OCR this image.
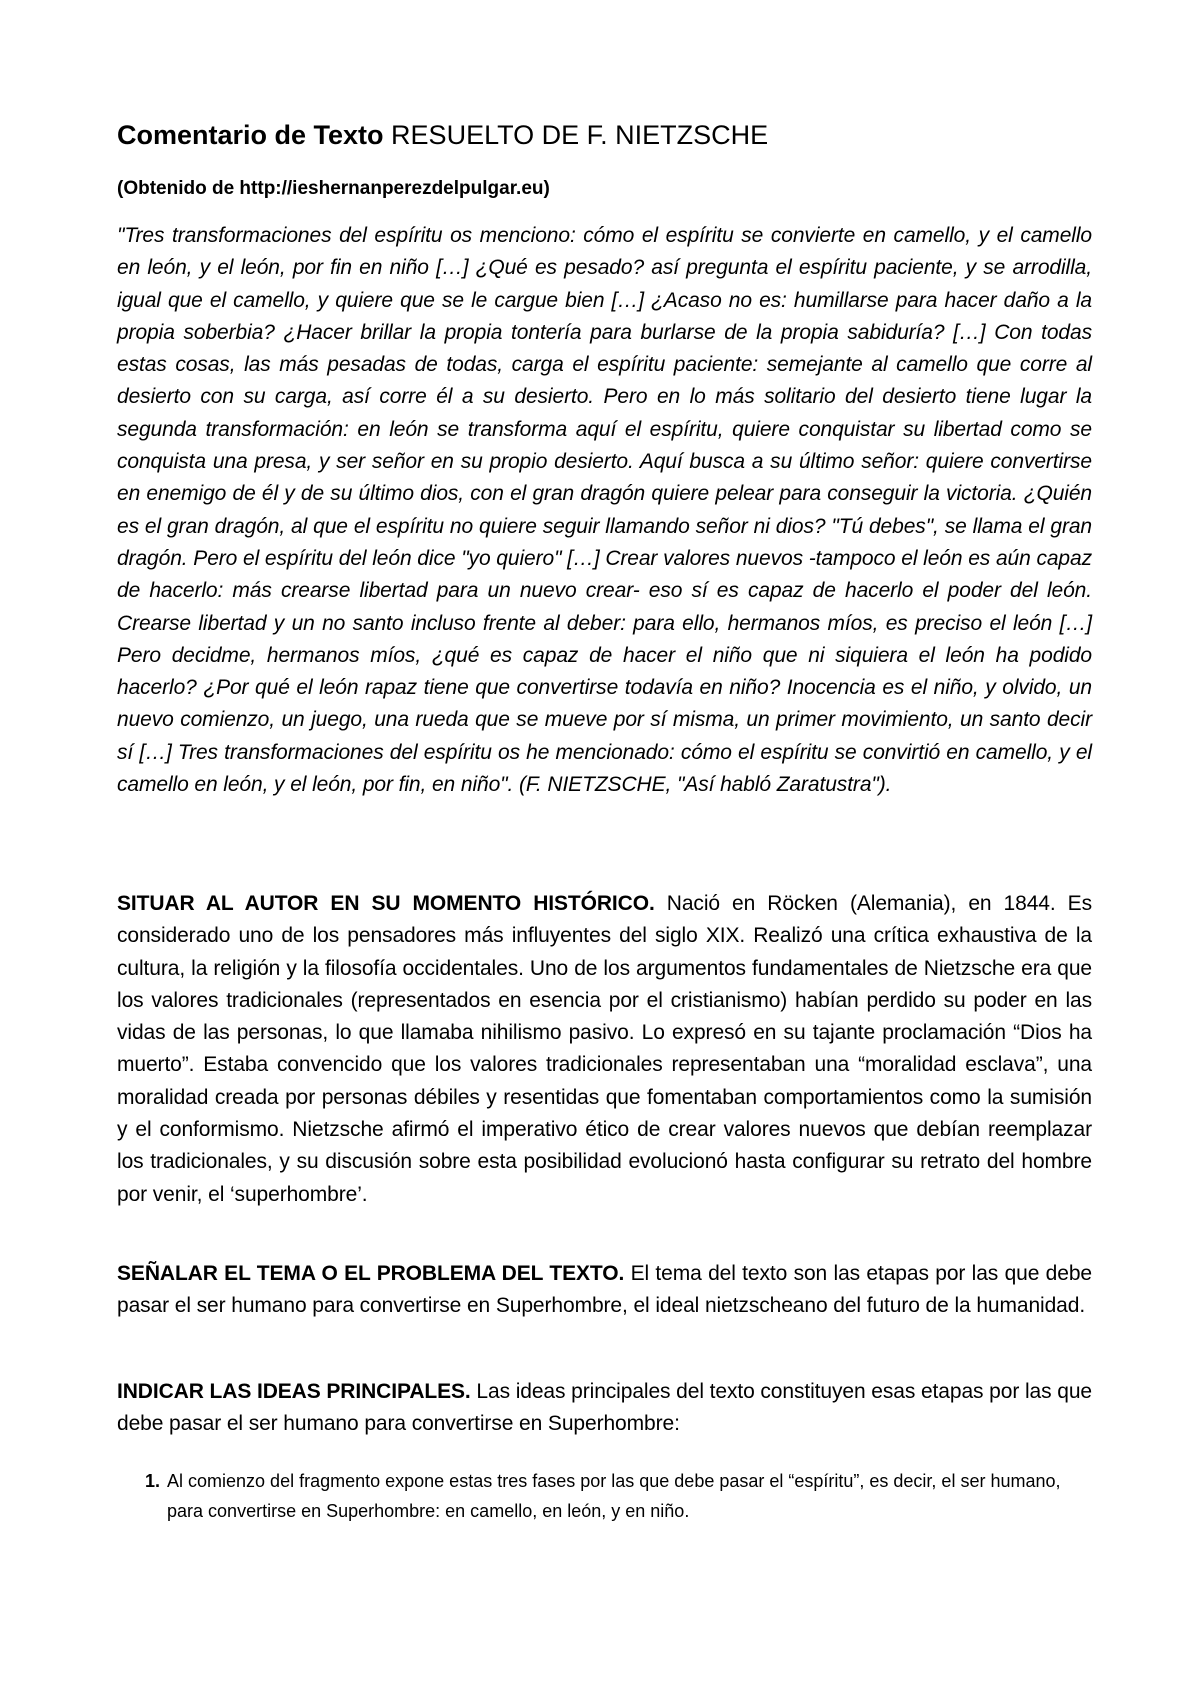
Comentario de Texto RESUELTO DE F. NIETZSCHE
(Obtenido de http://ieshernanperezdelpulgar.eu)

"Tres transformaciones del espíritu os menciono: cómo el espíritu se convierte en camello, y el camello en león, y el león, por fin en niño […] ¿Qué es pesado? así pregunta el espíritu paciente, y se arrodilla, igual que el camello, y quiere que se le cargue bien […] ¿Acaso no es: humillarse para hacer daño a la propia soberbia? ¿Hacer brillar la propia tontería para burlarse de la propia sabiduría? […] Con todas estas cosas, las más pesadas de todas, carga el espíritu paciente: semejante al camello que corre al desierto con su carga, así corre él a su desierto. Pero en lo más solitario del desierto tiene lugar la segunda transformación: en león se transforma aquí el espíritu, quiere conquistar su libertad como se conquista una presa, y ser señor en su propio desierto. Aquí busca a su último señor: quiere convertirse en enemigo de él y de su último dios, con el gran dragón quiere pelear para conseguir la victoria. ¿Quién es el gran dragón, al que el espíritu no quiere seguir llamando señor ni dios? "Tú debes", se llama el gran dragón. Pero el espíritu del león dice "yo quiero" […] Crear valores nuevos -tampoco el león es aún capaz de hacerlo: más crearse libertad para un nuevo crear- eso sí es capaz de hacerlo el poder del león. Crearse libertad y un no santo incluso frente al deber: para ello, hermanos míos, es preciso el león […] Pero decidme, hermanos míos, ¿qué es capaz de hacer el niño que ni siquiera el león ha podido hacerlo? ¿Por qué el león rapaz tiene que convertirse todavía en niño? Inocencia es el niño, y olvido, un nuevo comienzo, un juego, una rueda que se mueve por sí misma, un primer movimiento, un santo decir sí […] Tres transformaciones del espíritu os he mencionado: cómo el espíritu se convirtió en camello, y el camello en león, y el león, por fin, en niño". (F. NIETZSCHE, "Así habló Zaratustra").

SITUAR AL AUTOR EN SU MOMENTO HISTÓRICO. Nació en Röcken (Alemania), en 1844. Es considerado uno de los pensadores más influyentes del siglo XIX. Realizó una crítica exhaustiva de la cultura, la religión y la filosofía occidentales. Uno de los argumentos fundamentales de Nietzsche era que los valores tradicionales (representados en esencia por el cristianismo) habían perdido su poder en las vidas de las personas, lo que llamaba nihilismo pasivo. Lo expresó en su tajante proclamación “Dios ha muerto”. Estaba convencido que los valores tradicionales representaban una “moralidad esclava”, una moralidad creada por personas débiles y resentidas que fomentaban comportamientos como la sumisión y el conformismo. Nietzsche afirmó el imperativo ético de crear valores nuevos que debían reemplazar los tradicionales, y su discusión sobre esta posibilidad evolucionó hasta configurar su retrato del hombre por venir, el ‘superhombre’.

SEÑALAR EL TEMA O EL PROBLEMA DEL TEXTO. El tema del texto son las etapas por las que debe pasar el ser humano para convertirse en Superhombre, el ideal nietzscheano del futuro de la humanidad.

INDICAR LAS IDEAS PRINCIPALES. Las ideas principales del texto constituyen esas etapas por las que debe pasar el ser humano para convertirse en Superhombre:

1. Al comienzo del fragmento expone estas tres fases por las que debe pasar el “espíritu”, es decir, el ser humano, para convertirse en Superhombre: en camello, en león, y en niño.
